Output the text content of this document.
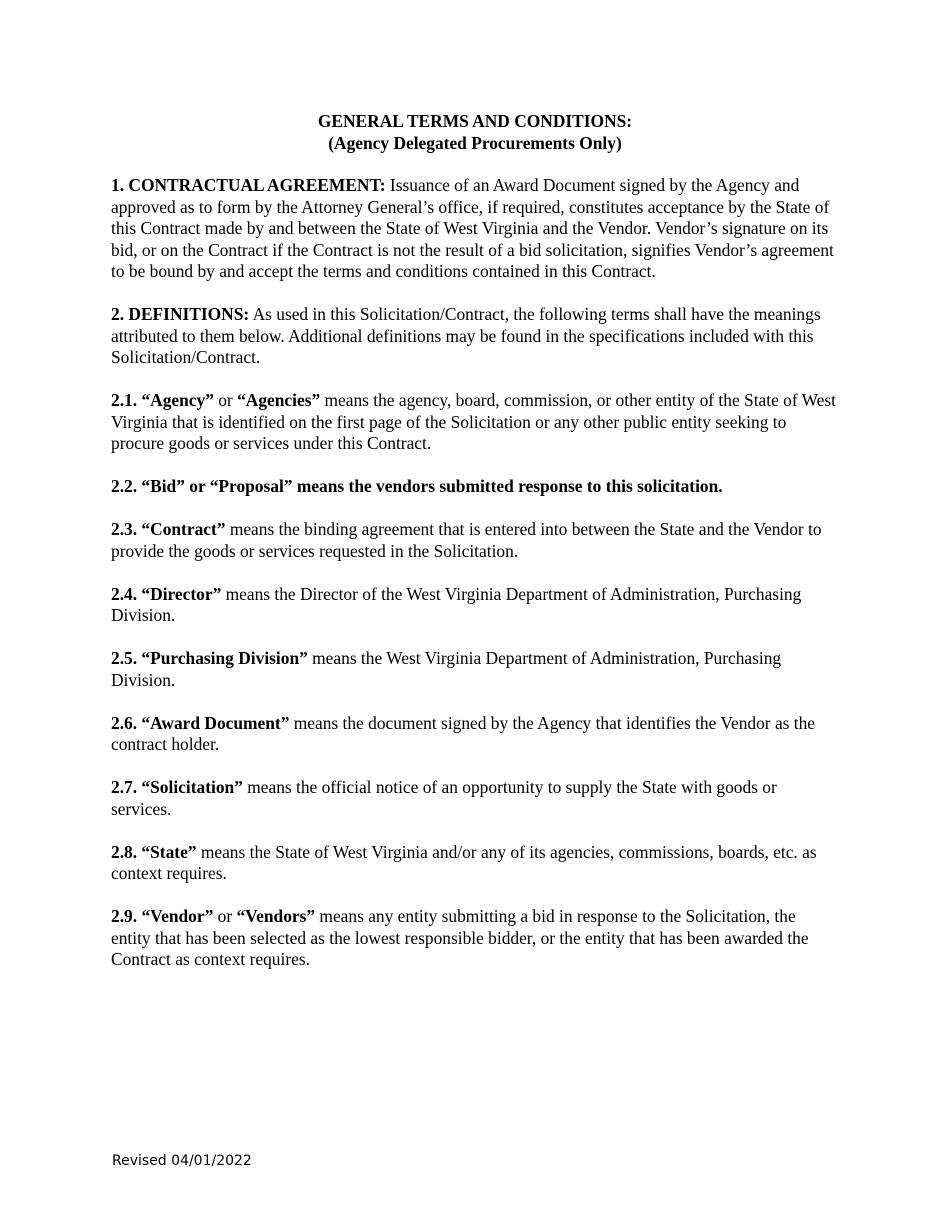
GENERAL TERMS AND CONDITIONS:
(Agency Delegated Procurements Only)

1. CONTRACTUAL AGREEMENT: Issuance of an Award Document signed by the Agency and approved as to form by the Attorney General’s office, if required, constitutes acceptance by the State of this Contract made by and between the State of West Virginia and the Vendor. Vendor’s signature on its bid, or on the Contract if the Contract is not the result of a bid solicitation, signifies Vendor’s agreement to be bound by and accept the terms and conditions contained in this Contract.

2. DEFINITIONS: As used in this Solicitation/Contract, the following terms shall have the meanings attributed to them below. Additional definitions may be found in the specifications included with this Solicitation/Contract.

2.1. “Agency” or “Agencies” means the agency, board, commission, or other entity of the State of West Virginia that is identified on the first page of the Solicitation or any other public entity seeking to procure goods or services under this Contract.

2.2. “Bid” or “Proposal” means the vendors submitted response to this solicitation.

2.3. “Contract” means the binding agreement that is entered into between the State and the Vendor to provide the goods or services requested in the Solicitation.

2.4. “Director” means the Director of the West Virginia Department of Administration, Purchasing Division.

2.5. “Purchasing Division” means the West Virginia Department of Administration, Purchasing Division.

2.6. “Award Document” means the document signed by the Agency that identifies the Vendor as the contract holder.

2.7. “Solicitation” means the official notice of an opportunity to supply the State with goods or services.

2.8. “State” means the State of West Virginia and/or any of its agencies, commissions, boards, etc. as context requires.

2.9. “Vendor” or “Vendors” means any entity submitting a bid in response to the Solicitation, the entity that has been selected as the lowest responsible bidder, or the entity that has been awarded the Contract as context requires.

Revised 04/01/2022
